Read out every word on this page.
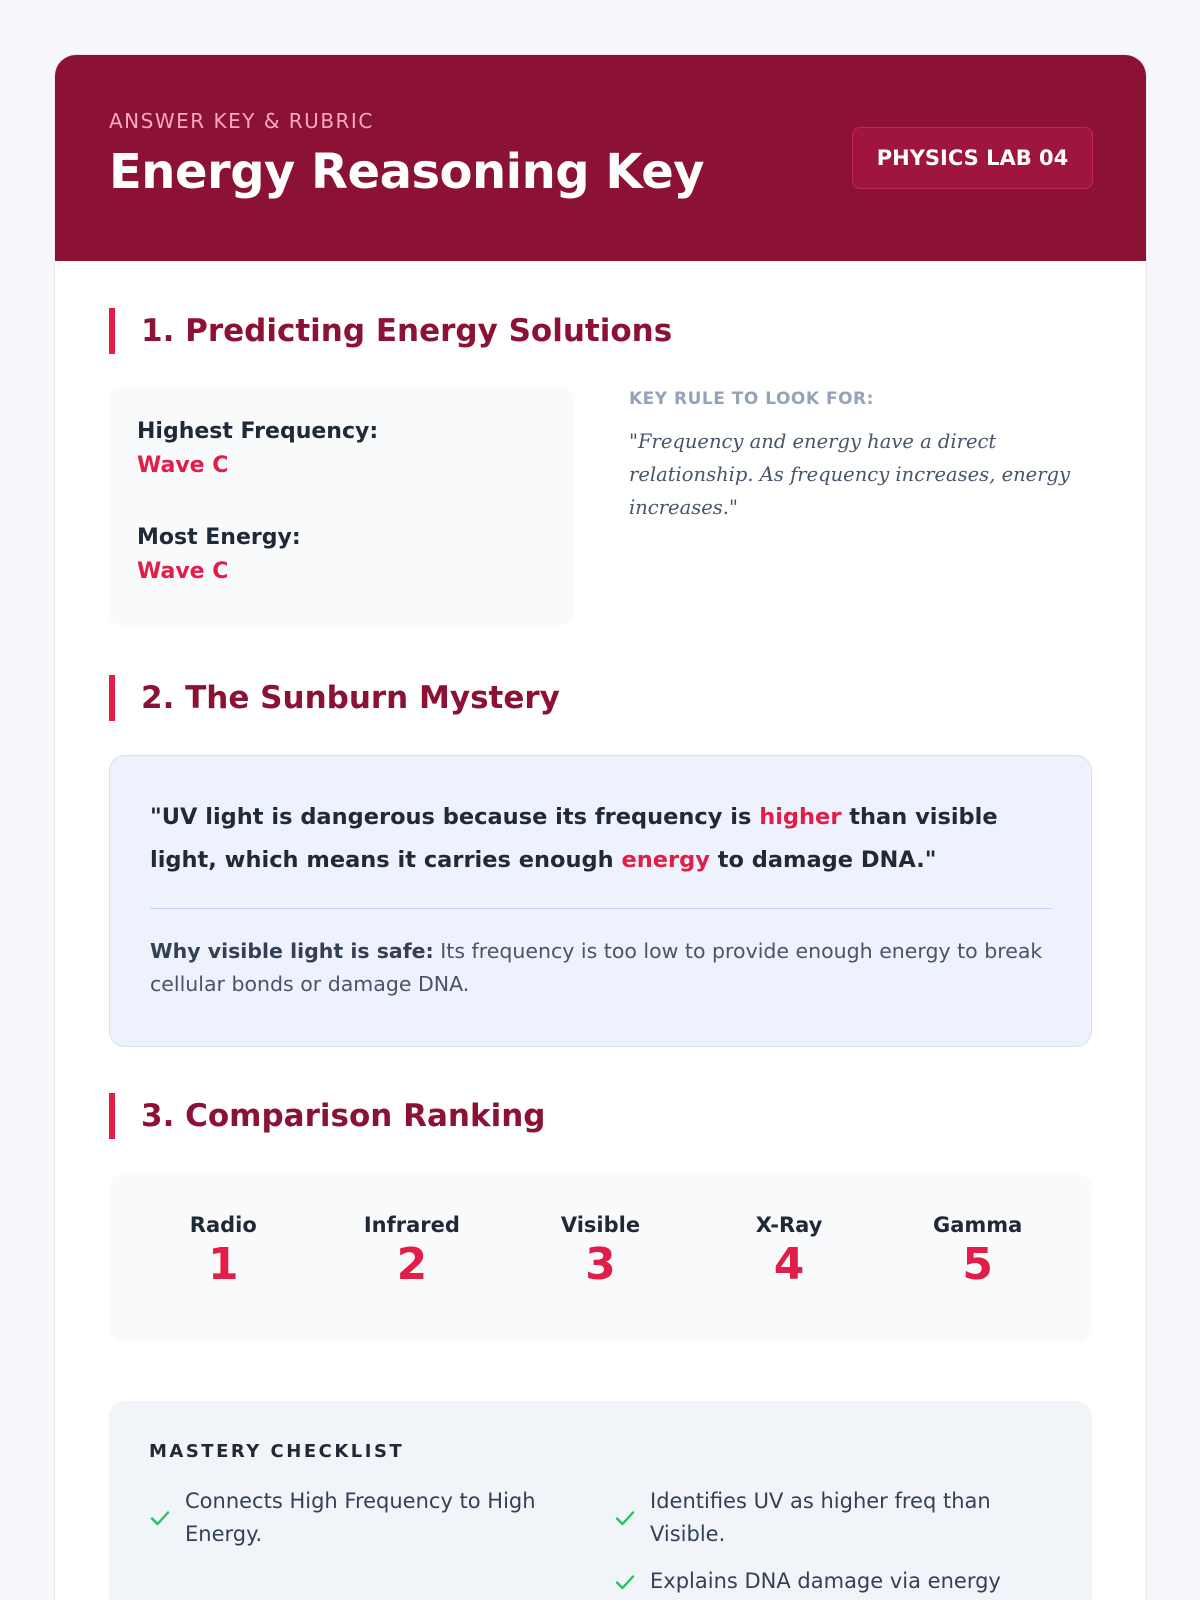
ANSWER KEY & RUBRIC
Energy Reasoning Key	PHYSICS LAB 04
1. Predicting Energy Solutions
Highest Frequency:
Wave C
Most Energy:
Wave C
KEY RULE TO LOOK FOR:
"Frequency and energy have a direct relationship. As frequency increases, energy increases."
2. The Sunburn Mystery
"UV light is dangerous because its frequency is higher than visible light, which means it carries enough energy to damage DNA."
Why visible light is safe: Its frequency is too low to provide enough energy to break cellular bonds or damage DNA.
3. Comparison Ranking
Radio
1
Infrared
2
Visible
3
X-Ray
4
Gamma
5
MASTERY CHECKLIST
Connects High Frequency to High Energy.
Identifies UV as higher freq than Visible.
Explains DNA damage via energy
